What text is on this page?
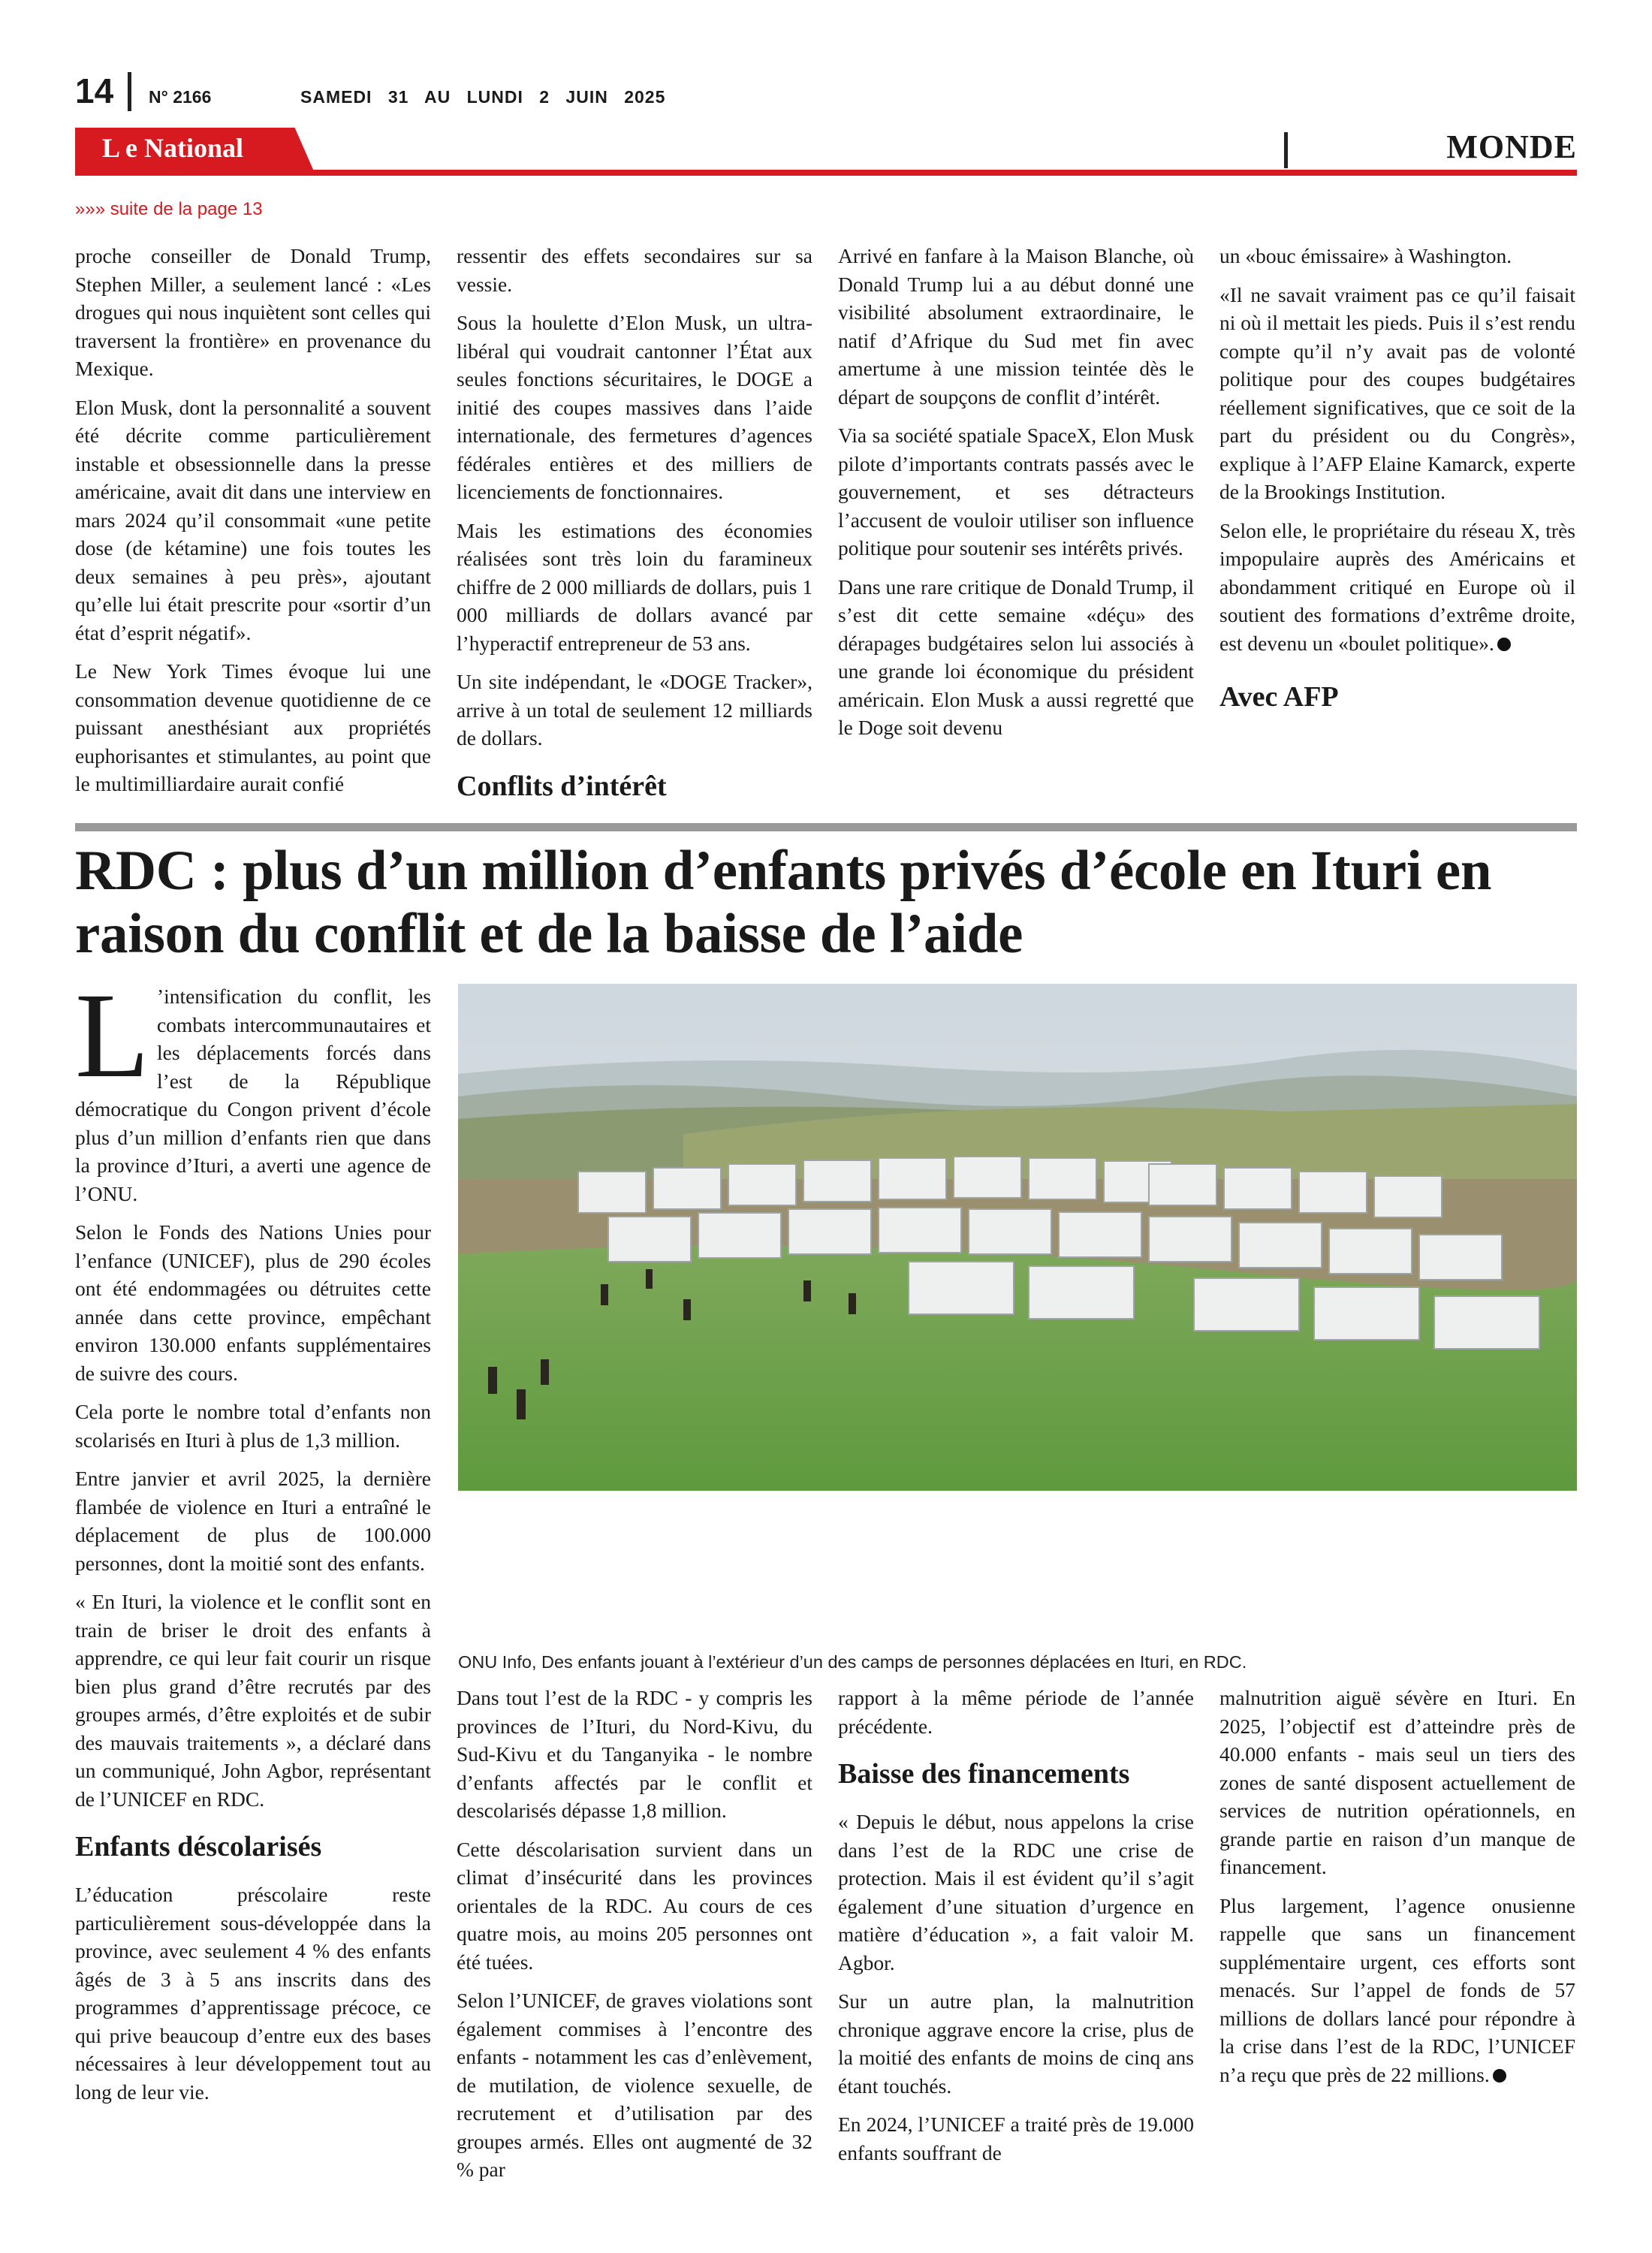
14 N° 2166	SAMEDI 31 AU LUNDI 2 JUIN 2025
L e National	MONDE
»»» suite de la page 13

proche conseiller de Donald Trump, Stephen Miller, a seulement lancé : «Les drogues qui nous inquiètent sont celles qui traversent la frontière» en provenance du Mexique.

Elon Musk, dont la personnalité a souvent été décrite comme particulièrement instable et obsessionnelle dans la presse américaine, avait dit dans une interview en mars 2024 qu’il consommait «une petite dose (de kétamine) une fois toutes les deux semaines à peu près», ajoutant qu’elle lui était prescrite pour «sortir d’un état d’esprit négatif».

Le New York Times évoque lui une consommation devenue quotidienne de ce puissant anesthésiant aux propriétés euphorisantes et stimulantes, au point que le multimilliardaire aurait confié

ressentir des effets secondaires sur sa vessie.

Sous la houlette d’Elon Musk, un ultra-libéral qui voudrait cantonner l’État aux seules fonctions sécuritaires, le DOGE a initié des coupes massives dans l’aide internationale, des fermetures d’agences fédérales entières et des milliers de licenciements de fonctionnaires.

Mais les estimations des économies réalisées sont très loin du faramineux chiffre de 2 000 milliards de dollars, puis 1 000 milliards de dollars avancé par l’hyperactif entrepreneur de 53 ans.

Un site indépendant, le «DOGE Tracker», arrive à un total de seulement 12 milliards de dollars.

Conflits d’intérêt

Arrivé en fanfare à la Maison Blanche, où Donald Trump lui a au début donné une visibilité absolument extraordinaire, le natif d’Afrique du Sud met fin avec amertume à une mission teintée dès le départ de soupçons de conflit d’intérêt.

Via sa société spatiale SpaceX, Elon Musk pilote d’importants contrats passés avec le gouvernement, et ses détracteurs l’accusent de vouloir utiliser son influence politique pour soutenir ses intérêts privés.

Dans une rare critique de Donald Trump, il s’est dit cette semaine «déçu» des dérapages budgétaires selon lui associés à une grande loi économique du président américain. Elon Musk a aussi regretté que le Doge soit devenu

un «bouc émissaire» à Washington.

«Il ne savait vraiment pas ce qu’il faisait ni où il mettait les pieds. Puis il s’est rendu compte qu’il n’y avait pas de volonté politique pour des coupes budgétaires réellement significatives, que ce soit de la part du président ou du Congrès», explique à l’AFP Elaine Kamarck, experte de la Brookings Institution.

Selon elle, le propriétaire du réseau X, très impopulaire auprès des Américains et abondamment critiqué en Europe où il soutient des formations d’extrême droite, est devenu un «boulet politique».

Avec AFP
RDC : plus d’un million d’enfants privés d’école en Ituri en raison du conflit et de la baisse de l’aide

L ’intensification du conflit, les combats intercommunautaires et les déplacements forcés dans l’est de la République démocratique du Congon privent d’école plus d’un million d’enfants rien que dans la province d’Ituri, a averti une agence de l’ONU.

Selon le Fonds des Nations Unies pour l’enfance (UNICEF), plus de 290 écoles ont été endommagées ou détruites cette année dans cette province, empêchant environ 130.000 enfants supplémentaires de suivre des cours.

Cela porte le nombre total d’enfants non scolarisés en Ituri à plus de 1,3 million.

Entre janvier et avril 2025, la dernière flambée de violence en Ituri a entraîné le déplacement de plus de 100.000 personnes, dont la moitié sont des enfants.

« En Ituri, la violence et le conflit sont en train de briser le droit des enfants à apprendre, ce qui leur fait courir un risque bien plus grand d’être recrutés par des groupes armés, d’être exploités et de subir des mauvais traitements », a déclaré dans un communiqué, John Agbor, représentant de l’UNICEF en RDC.

Enfants déscolarisés

L’éducation préscolaire reste particulièrement sous-développée dans la province, avec seulement 4 % des enfants âgés de 3 à 5 ans inscrits dans des programmes d’apprentissage précoce, ce qui prive beaucoup d’entre eux des bases nécessaires à leur développement tout au long de leur vie.

ONU Info, Des enfants jouant à l’extérieur d’un des camps de personnes déplacées en Ituri, en RDC.

Dans tout l’est de la RDC - y compris les provinces de l’Ituri, du Nord-Kivu, du Sud-Kivu et du Tanganyika - le nombre d’enfants affectés par le conflit et descolarisés dépasse 1,8 million.

Cette déscolarisation survient dans un climat d’insécurité dans les provinces orientales de la RDC. Au cours de ces quatre mois, au moins 205 personnes ont été tuées.

Selon l’UNICEF, de graves violations sont également commises à l’encontre des enfants - notamment les cas d’enlèvement, de mutilation, de violence sexuelle, de recrutement et d’utilisation par des groupes armés. Elles ont augmenté de 32 % par

rapport à la même période de l’année précédente.

Baisse des financements

« Depuis le début, nous appelons la crise dans l’est de la RDC une crise de protection. Mais il est évident qu’il s’agit également d’une situation d’urgence en matière d’éducation », a fait valoir M. Agbor.

Sur un autre plan, la malnutrition chronique aggrave encore la crise, plus de la moitié des enfants de moins de cinq ans étant touchés.

En 2024, l’UNICEF a traité près de 19.000 enfants souffrant de

malnutrition aiguë sévère en Ituri. En 2025, l’objectif est d’atteindre près de 40.000 enfants - mais seul un tiers des zones de santé disposent actuellement de services de nutrition opérationnels, en grande partie en raison d’un manque de financement.

Plus largement, l’agence onusienne rappelle que sans un financement supplémentaire urgent, ces efforts sont menacés. Sur l’appel de fonds de 57 millions de dollars lancé pour répondre à la crise dans l’est de la RDC, l’UNICEF n’a reçu que près de 22 millions.
